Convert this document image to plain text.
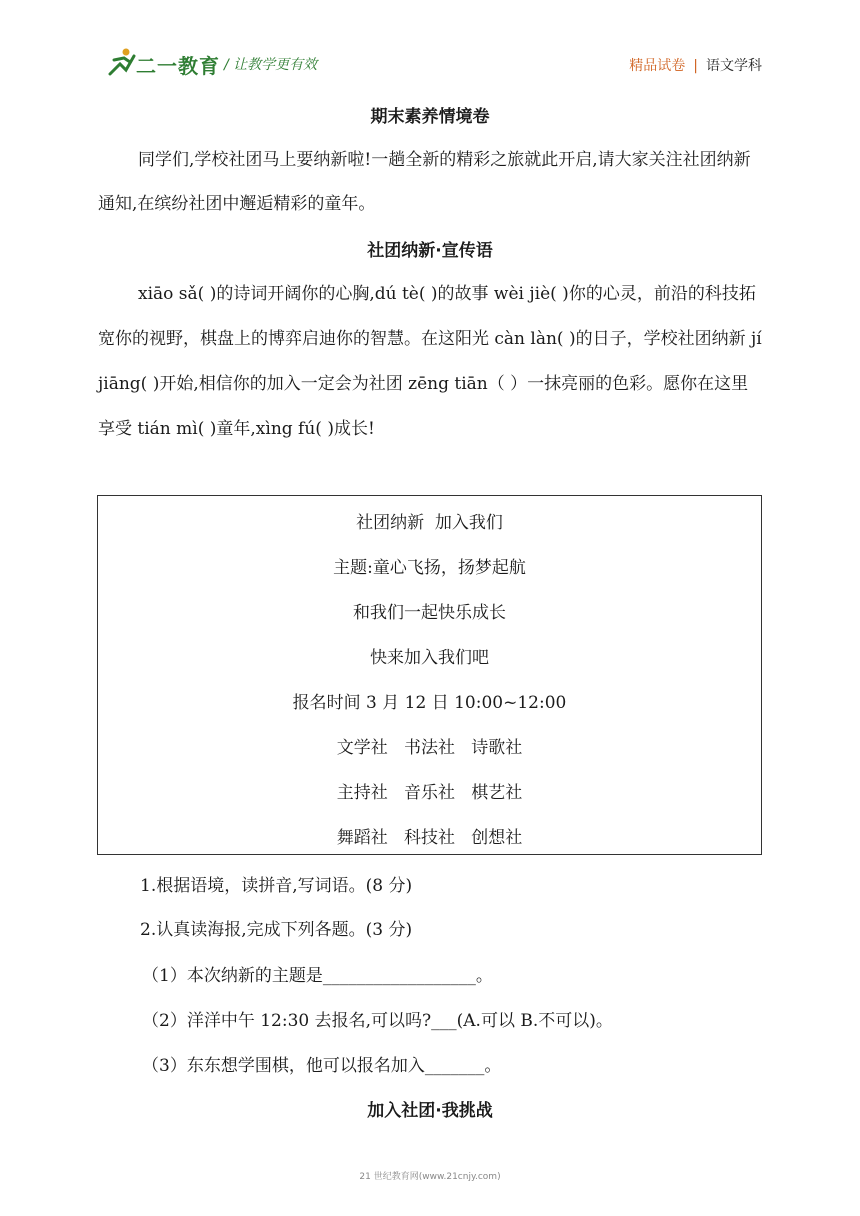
二一教育 / 让教学更有效	精品试卷 | 语文学科
期末素养情境卷
同学们,学校社团马上要纳新啦!一趟全新的精彩之旅就此开启,请大家关注社团纳新通知,在缤纷社团中邂逅精彩的童年。
社团纳新·宣传语
xiāo sǎ( )的诗词开阔你的心胸,dú tè( )的故事 wèi jiè( )你的心灵，前沿的科技拓宽你的视野，棋盘上的博弈启迪你的智慧。在这阳光 càn làn( )的日子，学校社团纳新 jí jiāng( )开始,相信你的加入一定会为社团 zēng tiān（ ）一抹亮丽的色彩。愿你在这里享受 tián mì( )童年,xìng fú( )成长!
社团纳新  加入我们
主题:童心飞扬，扬梦起航
和我们一起快乐成长
快来加入我们吧
报名时间 3 月 12 日 10:00~12:00
文学社   书法社   诗歌社
主持社   音乐社   棋艺社
舞蹈社   科技社   创想社
1.根据语境，读拼音,写词语。(8 分)
2.认真读海报,完成下列各题。(3 分)
（1）本次纳新的主题是__________________。
（2）洋洋中午 12:30 去报名,可以吗?___(A.可以 B.不可以)。
（3）东东想学围棋，他可以报名加入_______。
加入社团·我挑战
21 世纪教育网(www.21cnjy.com)
